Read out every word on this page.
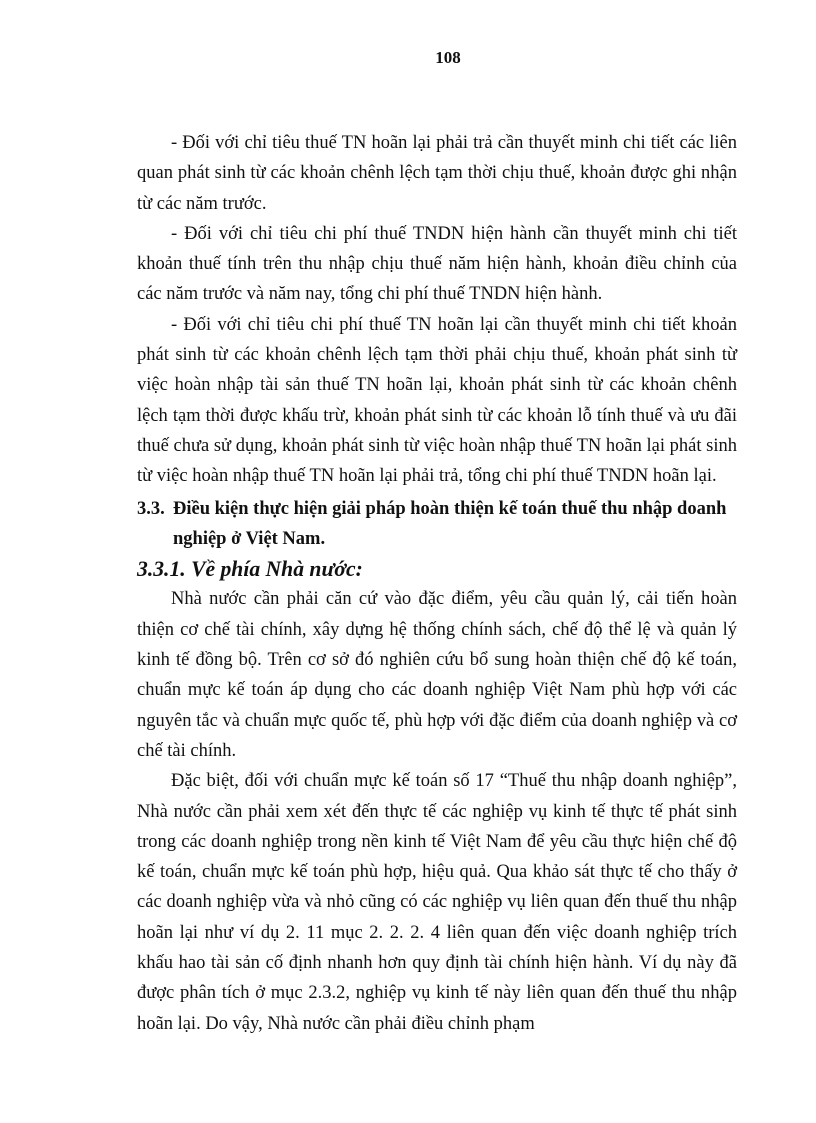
108

- Đối với chỉ tiêu thuế TN hoãn lại phải trả cần thuyết minh chi tiết các liên quan phát sinh từ các khoản chênh lệch tạm thời chịu thuế, khoản được ghi nhận từ các năm trước.

- Đối với chỉ tiêu chi phí thuế TNDN hiện hành cần thuyết minh chi tiết khoản thuế tính trên thu nhập chịu thuế năm hiện hành, khoản điều chỉnh của các năm trước và năm nay, tổng chi phí thuế TNDN hiện hành.

- Đối với chỉ tiêu chi phí thuế TN hoãn lại cần thuyết minh chi tiết khoản phát sinh từ các khoản chênh lệch tạm thời phải chịu thuế, khoản phát sinh từ việc hoàn nhập tài sản thuế TN hoãn lại, khoản phát sinh từ các khoản chênh lệch tạm thời được khấu trừ, khoản phát sinh từ các khoản lỗ tính thuế và ưu đãi thuế chưa sử dụng, khoản phát sinh từ việc hoàn nhập thuế TN hoãn lại phát sinh từ việc hoàn nhập thuế TN hoãn lại phải trả, tổng chi phí thuế TNDN hoãn lại.

3.3. Điều kiện thực hiện giải pháp hoàn thiện kế toán thuế thu nhập doanh nghiệp ở Việt Nam.
3.3.1. Về phía Nhà nước:

Nhà nước cần phải căn cứ vào đặc điểm, yêu cầu quản lý, cải tiến hoàn thiện cơ chế tài chính, xây dựng hệ thống chính sách, chế độ thể lệ và quản lý kinh tế đồng bộ. Trên cơ sở đó nghiên cứu bổ sung hoàn thiện chế độ kế toán, chuẩn mực kế toán áp dụng cho các doanh nghiệp Việt Nam phù hợp với các nguyên tắc và chuẩn mực quốc tế, phù hợp với đặc điểm của doanh nghiệp và cơ chế tài chính.

Đặc biệt, đối với chuẩn mực kế toán số 17 “Thuế thu nhập doanh nghiệp”, Nhà nước cần phải xem xét đến thực tế các nghiệp vụ kinh tế thực tế phát sinh trong các doanh nghiệp trong nền kinh tế Việt Nam để yêu cầu thực hiện chế độ kế toán, chuẩn mực kế toán phù hợp, hiệu quả. Qua khảo sát thực tế cho thấy ở các doanh nghiệp vừa và nhỏ cũng có các nghiệp vụ liên quan đến thuế thu nhập hoãn lại như ví dụ 2. 11 mục 2. 2. 2. 4 liên quan đến việc doanh nghiệp trích khấu hao tài sản cố định nhanh hơn quy định tài chính hiện hành. Ví dụ này đã được phân tích ở mục 2.3.2, nghiệp vụ kinh tế này liên quan đến thuế thu nhập hoãn lại. Do vậy, Nhà nước cần phải điều chỉnh phạm
